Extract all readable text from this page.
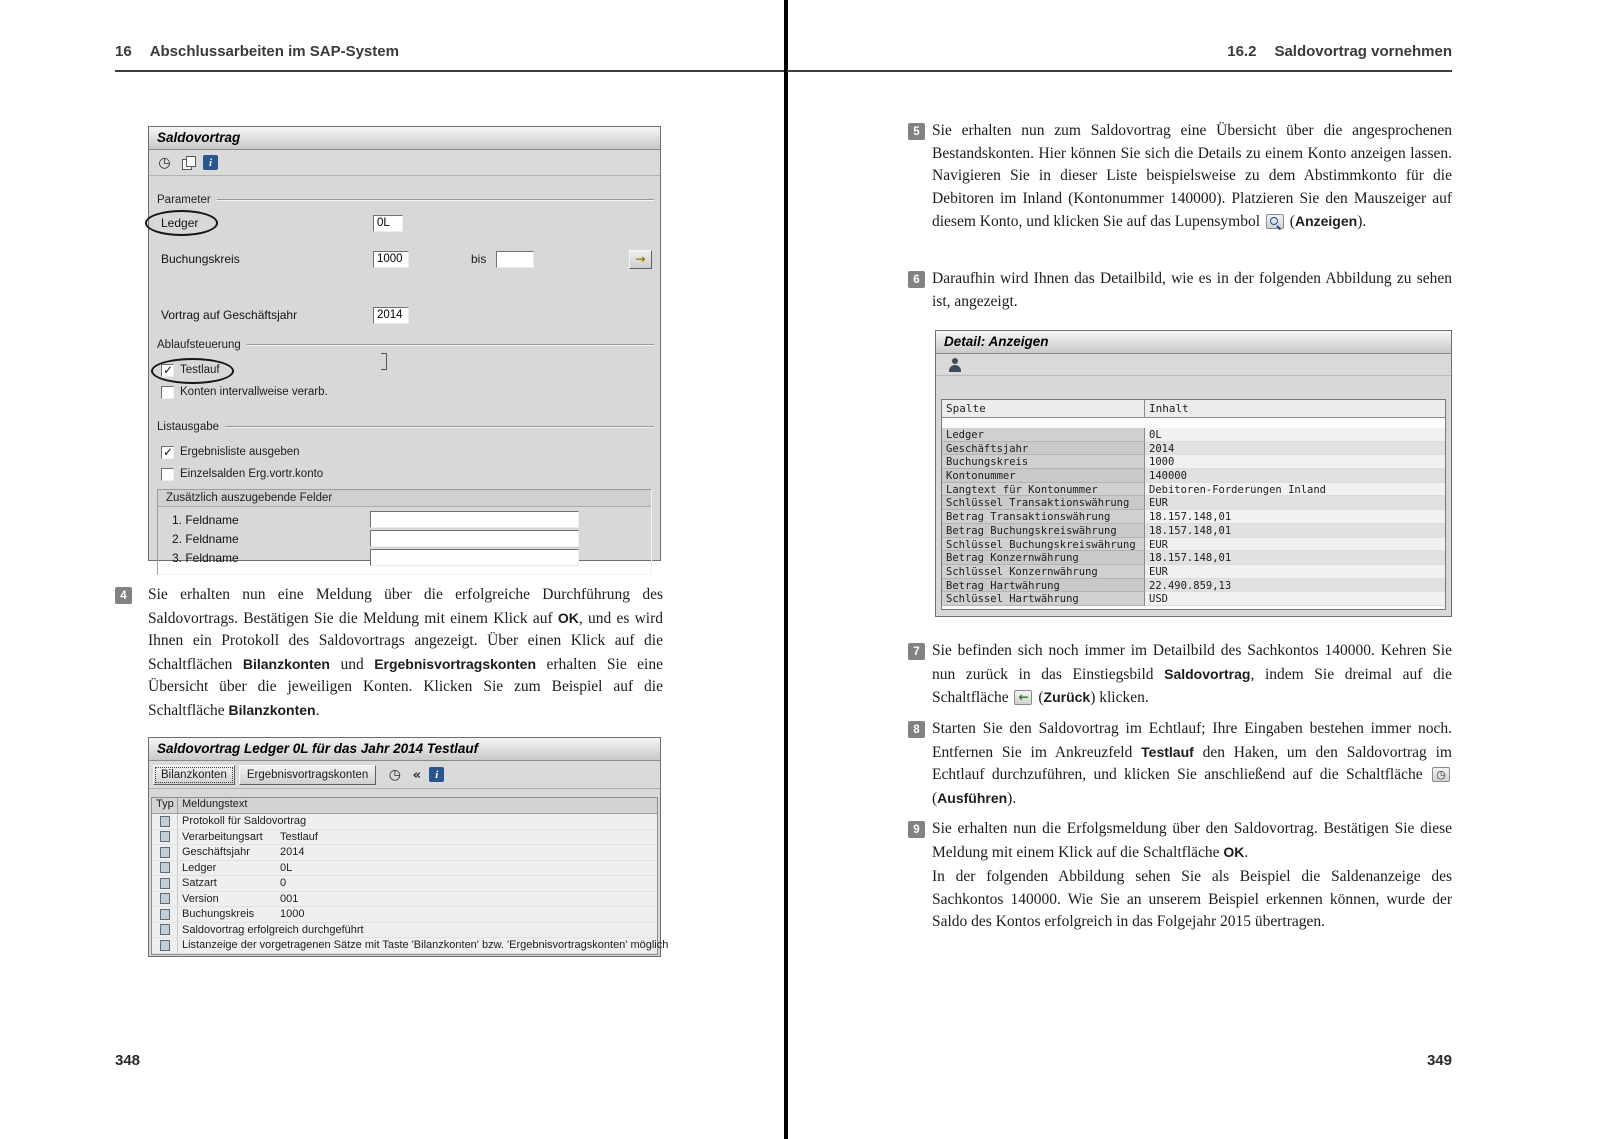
16 Abschlussarbeiten im SAP-System
Saldovortrag
◷
i
Parameter
Ledger	0L
Buchungskreis	1000	bis
→
Vortrag auf Geschäftsjahr	2014
Ablaufsteuerung
✓
Testlauf
Konten intervallweise verarb.
Listausgabe
✓
Ergebnisliste ausgeben
Einzelsalden Erg.vortr.konto
Zusätzlich auszugebende Felder
1. Feldname
2. Feldname
3. Feldname
4	Sie erhalten nun eine Meldung über die erfolgreiche Durchführung des Saldovortrags. Bestätigen Sie die Meldung mit einem Klick auf OK, und es wird Ihnen ein Protokoll des Saldovortrags angezeigt. Über einen Klick auf die Schaltflächen Bilanzkonten und Ergebnisvortragskonten erhalten Sie eine Übersicht über die jeweiligen Konten. Klicken Sie zum Beispiel auf die Schaltfläche Bilanzkonten.
Saldovortrag Ledger 0L für das Jahr 2014 Testlauf
Bilanzkonten	Ergebnisvortragskonten ◷ «	i
Typ Meldungstext
Protokoll für Saldovortrag
Verarbeitungsart	Testlauf
Geschäftsjahr	2014
Ledger	0L
Satzart	0
Version	001
Buchungskreis	1000
Saldovortrag erfolgreich durchgeführt
Listanzeige der vorgetragenen Sätze mit Taste 'Bilanzkonten' bzw. 'Ergebnisvortragskonten' möglich
348
16.2 Saldovortrag vornehmen
5 Sie erhalten nun zum Saldovortrag eine Übersicht über die angesprochenen Bestandskonten. Hier können Sie sich die Details zu einem Konto anzeigen lassen. Navigieren Sie in dieser Liste beispielsweise zu dem Abstimmkonto für die Debitoren im Inland (Kontonummer 140000). Platzieren Sie den Mauszeiger auf diesem Konto, und klicken Sie auf das Lupensymbol  (Anzeigen).
6 Daraufhin wird Ihnen das Detailbild, wie es in der folgenden Abbildung zu sehen ist, angezeigt.
Detail: Anzeigen
Spalte	Inhalt
Ledger	0L
Geschäftsjahr	2014
Buchungskreis	1000
Kontonummer	140000
Langtext für Kontonummer	Debitoren-Forderungen Inland
Schlüssel Transaktionswährung	EUR
Betrag Transaktionswährung	18.157.148,01
Betrag Buchungskreiswährung	18.157.148,01
Schlüssel Buchungskreiswährung	EUR
Betrag Konzernwährung	18.157.148,01
Schlüssel Konzernwährung	EUR
Betrag Hartwährung	22.490.859,13
Schlüssel Hartwährung	USD
7 Sie befinden sich noch immer im Detailbild des Sachkontos 140000. Kehren Sie nun zurück in das Einstiegsbild Saldovortrag, indem Sie dreimal auf die Schaltfläche ← (Zurück) klicken.
8 Starten Sie den Saldovortrag im Echtlauf; Ihre Eingaben bestehen immer noch. Entfernen Sie im Ankreuzfeld Testlauf den Haken, um den Saldovortrag im Echtlauf durchzuführen, und klicken Sie anschließend auf die Schaltfläche ◷ (Ausführen).
9 Sie erhalten nun die Erfolgsmeldung über den Saldovortrag. Bestätigen Sie diese Meldung mit einem Klick auf die Schaltfläche OK.
In der folgenden Abbildung sehen Sie als Beispiel die Saldenanzeige des Sachkontos 140000. Wie Sie an unserem Beispiel erkennen können, wurde der Saldo des Kontos erfolgreich in das Folgejahr 2015 übertragen.
349
